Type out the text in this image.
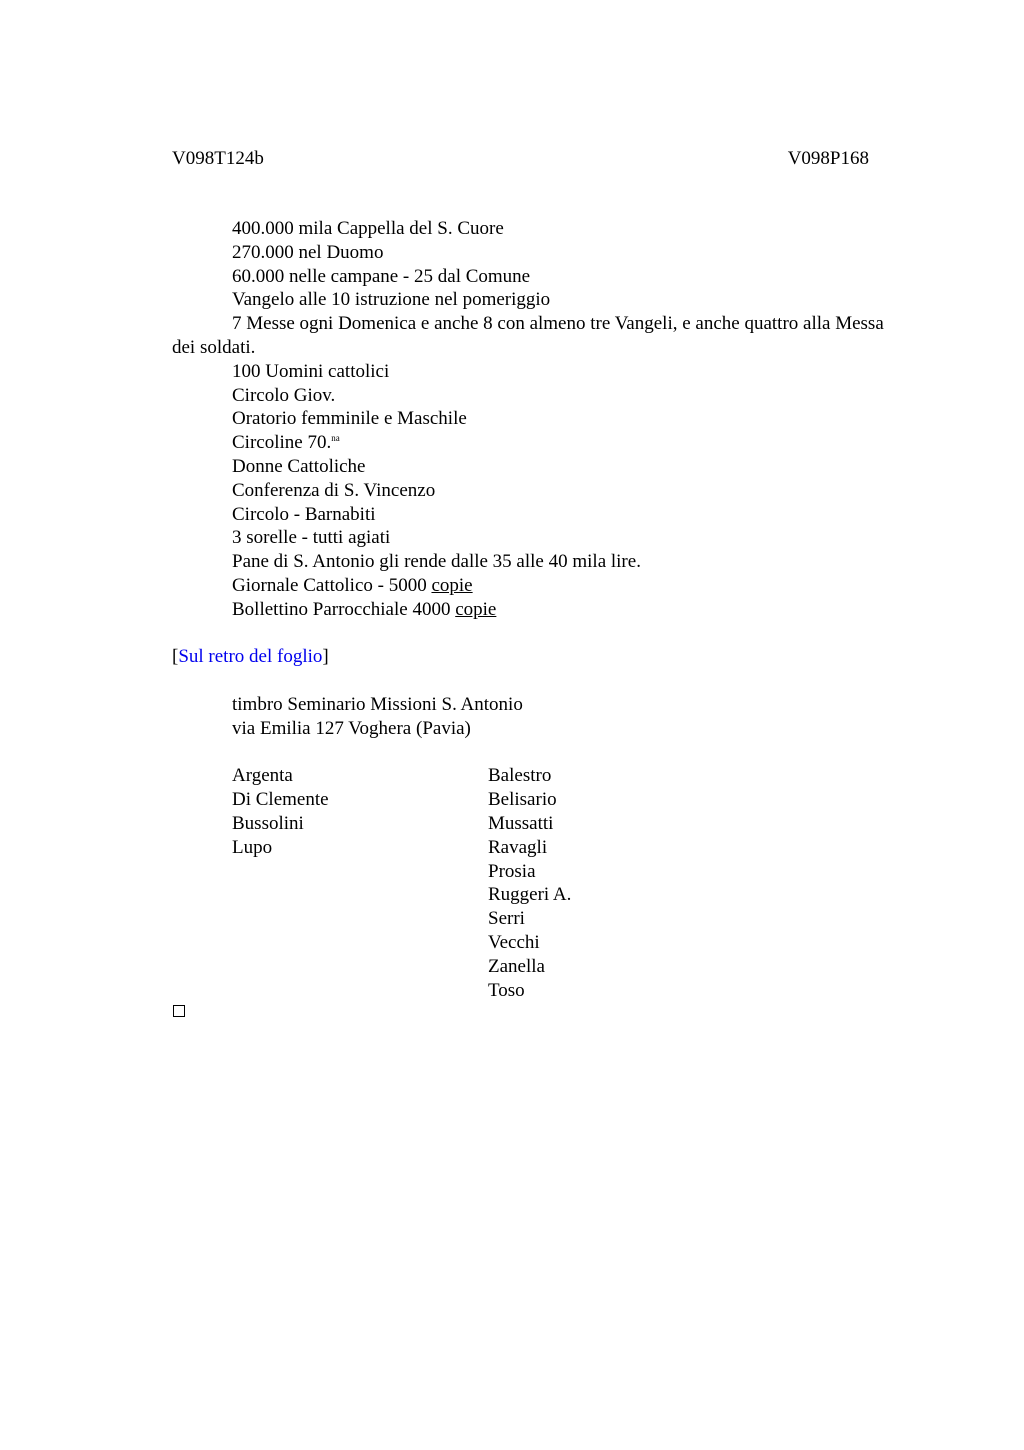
V098T124b	V098P168
400.000 mila Cappella del S. Cuore
270.000 nel Duomo
60.000 nelle campane - 25 dal Comune
Vangelo alle 10 istruzione nel pomeriggio
7 Messe ogni Domenica e anche 8 con almeno tre Vangeli, e anche quattro alla Messa dei soldati.
100 Uomini cattolici
Circolo Giov.
Oratorio femminile e Maschile
Circoline 70.$^{na}$
Donne Cattoliche
Conferenza di S. Vincenzo
Circolo - Barnabiti
3 sorelle - tutti agiati
Pane di S. Antonio gli rende dalle 35 alle 40 mila lire.
Giornale Cattolico - 5000 copie
Bollettino Parrocchiale 4000 copie
[Sul retro del foglio]
timbro Seminario Missioni S. Antonio
via Emilia 127 Voghera (Pavia)
Argenta
Di Clemente
Bussolini
Lupo
Balestro
Belisario
Mussatti
Ravagli
Prosia
Ruggeri A.
Serri
Vecchi
Zanella
Toso
